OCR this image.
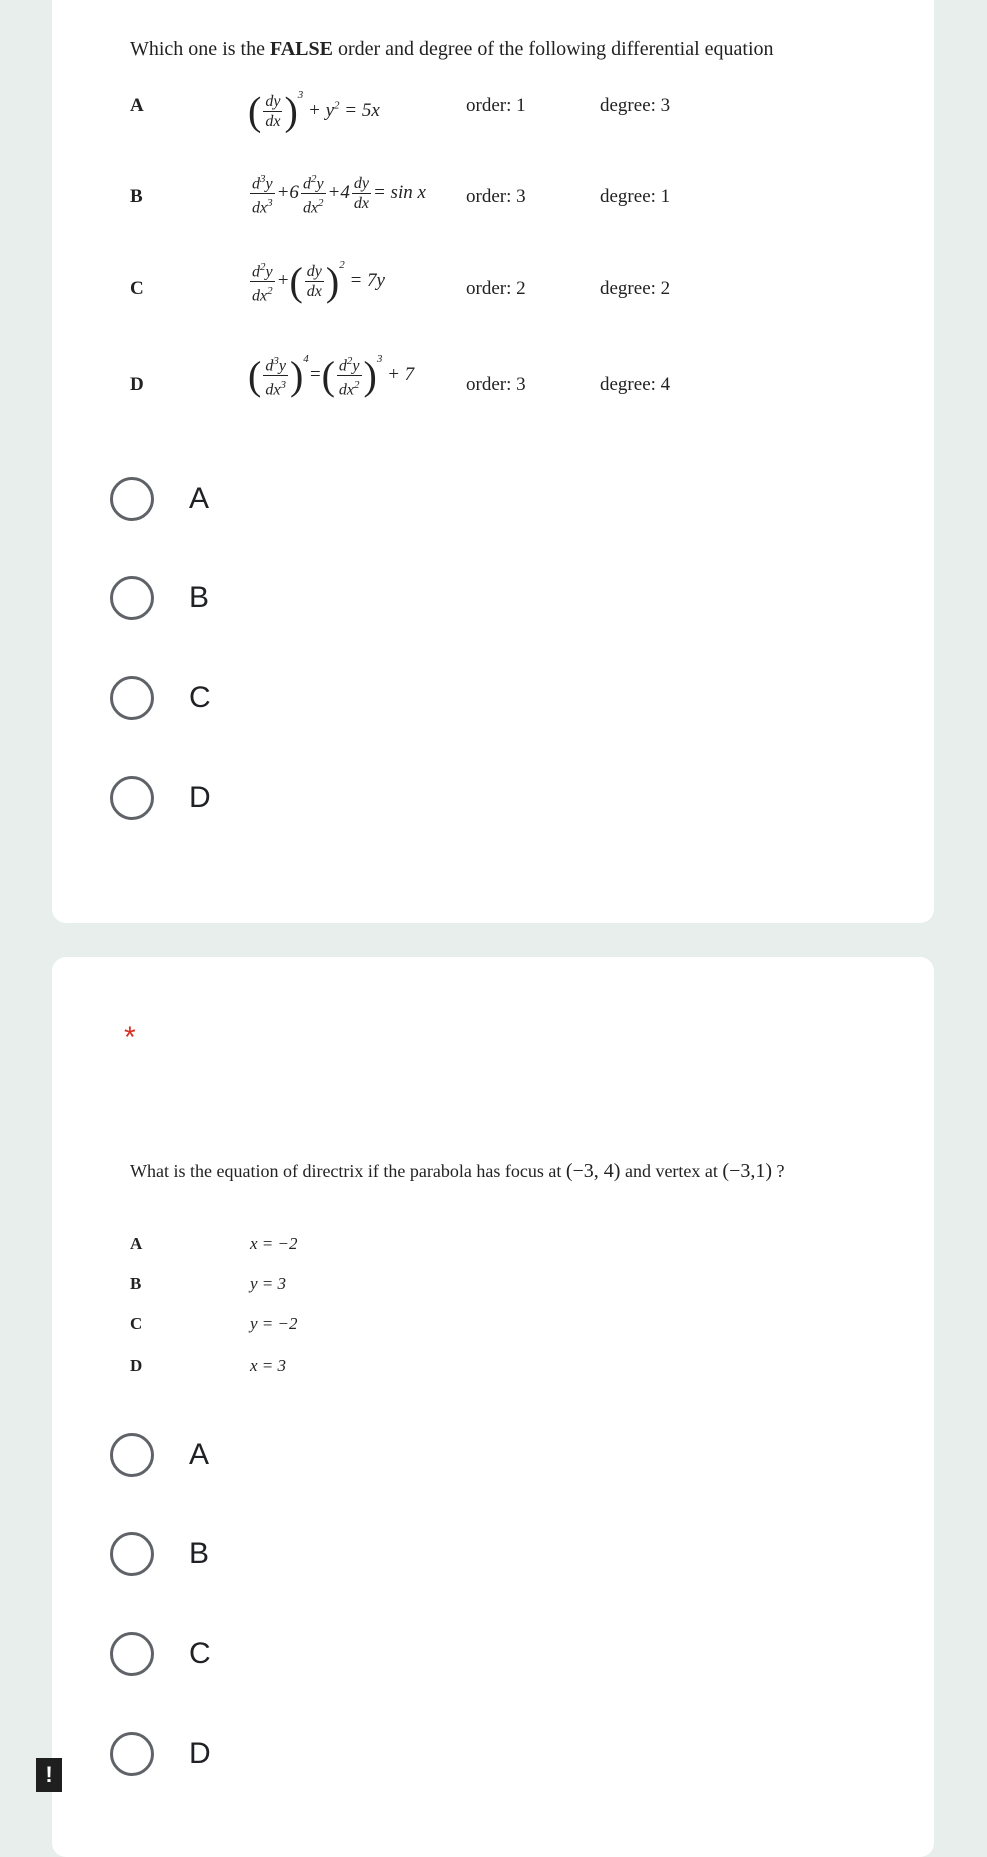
Which one is the FALSE order and degree of the following differential equation
A	( $\frac{dy}{dx} )^3 + y^2 = 5x$	order: 1	degree: 3
B	$\frac{d^3y}{dx^3} +6 \frac{d^2y}{dx^2} +4 \frac{dy}{dx} = \sin x$ order: 3	degree: 1
C	$\frac{d^2y}{dx^2}$ +( $\frac{dy}{dx} )^2 = 7y$	order: 2	degree: 2
D	( $\frac{d^3y}{dx^3} )^4=( \frac{d^2y}{dx^2} )^3 + 7$	order: 3	degree: 4
A
B
C
D
*
What is the equation of directrix if the parabola has focus at (−3, 4) and vertex at (−3,1) ?
A	x = −2
B	y = 3
C	y = −2
D	x = 3
A
B
C
D
!
